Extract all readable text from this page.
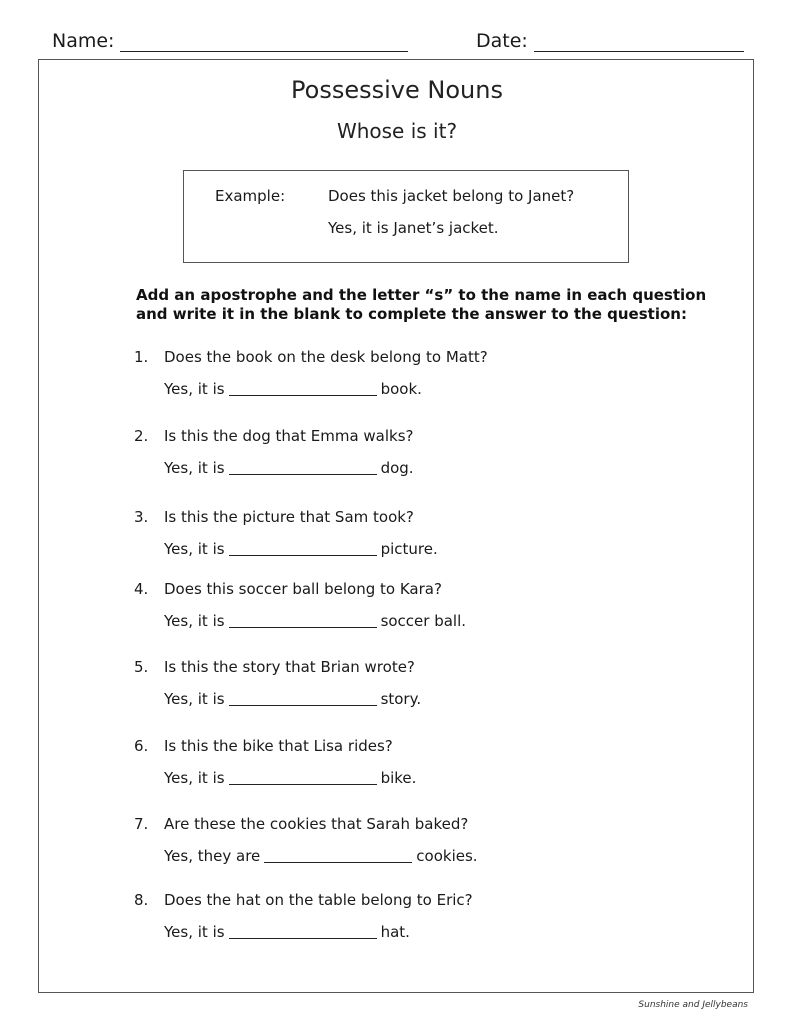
Name:	Date:
Possessive Nouns
Whose is it?
Example:	Does this jacket belong to Janet?
Yes, it is Janet’s jacket.
Add an apostrophe and the letter “s” to the name in each question and write it in the blank to complete the answer to the question:
1. Does the book on the desk belong to Matt?
Yes, it is	book.
2. Is this the dog that Emma walks?
Yes, it is	dog.
3. Is this the picture that Sam took?
Yes, it is	picture.
4. Does this soccer ball belong to Kara?
Yes, it is	soccer ball.
5. Is this the story that Brian wrote?
Yes, it is	story.
6. Is this the bike that Lisa rides?
Yes, it is	bike.
7. Are these the cookies that Sarah baked?
Yes, they are	cookies.
8. Does the hat on the table belong to Eric?
Yes, it is	hat.
Sunshine and Jellybeans
